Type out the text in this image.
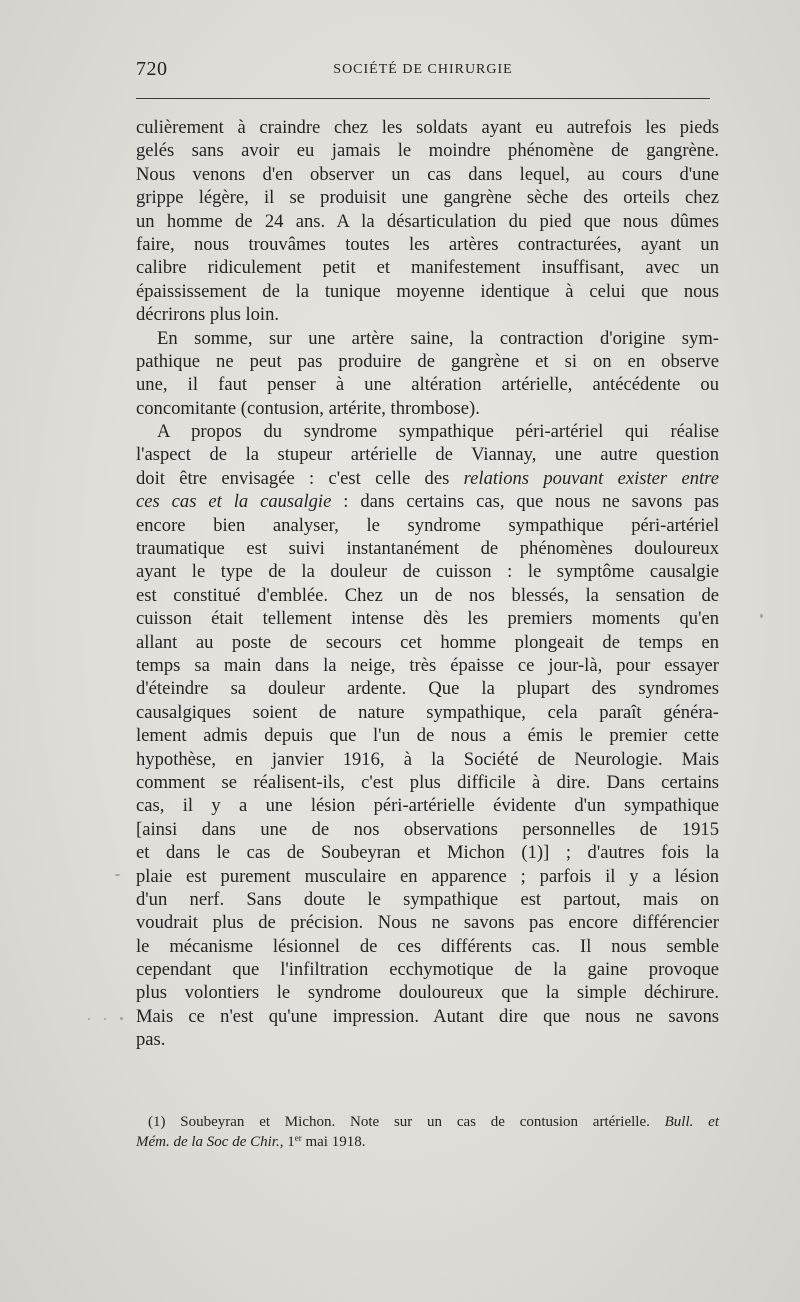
720	SOCIÉTÉ DE CHIRURGIE
culièrement à craindre chez les soldats ayant eu autrefois les pieds
gelés sans avoir eu jamais le moindre phénomène de gangrène.
Nous venons d'en observer un cas dans lequel, au cours d'une
grippe légère, il se produisit une gangrène sèche des orteils chez
un homme de 24 ans. A la désarticulation du pied que nous dûmes
faire, nous trouvâmes toutes les artères contracturées, ayant un
calibre ridiculement petit et manifestement insuffisant, avec un
épaississement de la tunique moyenne identique à celui que nous
décrirons plus loin.
En somme, sur une artère saine, la contraction d'origine sym-
pathique ne peut pas produire de gangrène et si on en observe
une, il faut penser à une altération artérielle, antécédente ou
concomitante (contusion, artérite, thrombose).
A propos du syndrome sympathique péri-artériel qui réalise
l'aspect de la stupeur artérielle de Viannay, une autre question
doit être envisagée : c'est celle des relations pouvant exister entre
ces cas et la causalgie : dans certains cas, que nous ne savons pas
encore bien analyser, le syndrome sympathique péri-artériel
traumatique est suivi instantanément de phénomènes douloureux
ayant le type de la douleur de cuisson : le symptôme causalgie
est constitué d'emblée. Chez un de nos blessés, la sensation de
cuisson était tellement intense dès les premiers moments qu'en
allant au poste de secours cet homme plongeait de temps en
temps sa main dans la neige, très épaisse ce jour-là, pour essayer
d'éteindre sa douleur ardente. Que la plupart des syndromes
causalgiques soient de nature sympathique, cela paraît généra-
lement admis depuis que l'un de nous a émis le premier cette
hypothèse, en janvier 1916, à la Société de Neurologie. Mais
comment se réalisent-ils, c'est plus difficile à dire. Dans certains
cas, il y a une lésion péri-artérielle évidente d'un sympathique
[ainsi dans une de nos observations personnelles de 1915
et dans le cas de Soubeyran et Michon (1)] ; d'autres fois la
plaie est purement musculaire en apparence ; parfois il y a lésion
d'un nerf. Sans doute le sympathique est partout, mais on
voudrait plus de précision. Nous ne savons pas encore différencier
le mécanisme lésionnel de ces différents cas. Il nous semble
cependant que l'infiltration ecchymotique de la gaine provoque
plus volontiers le syndrome douloureux que la simple déchirure.
Mais ce n'est qu'une impression. Autant dire que nous ne savons
pas.
(1) Soubeyran et Michon. Note sur un cas de contusion artérielle. Bull. et
Mém. de la Soc de Chir., 1er mai 1918.
